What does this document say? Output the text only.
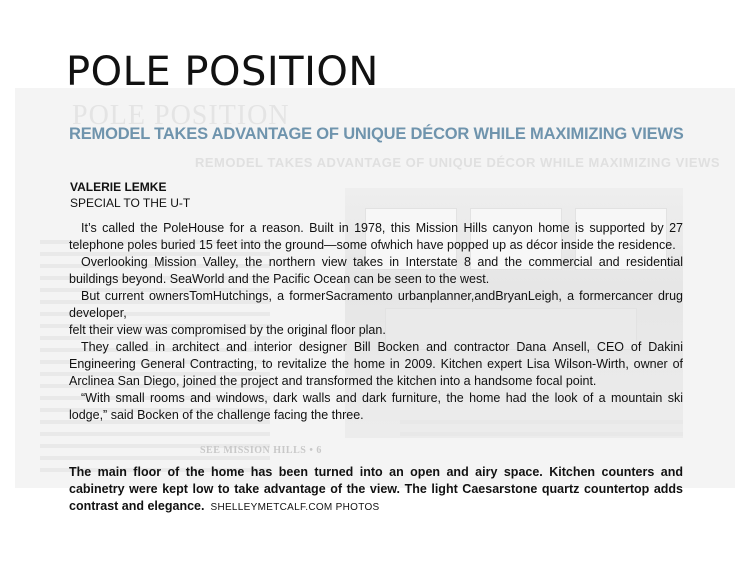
POLE POSITION
REMODEL TAKES ADVANTAGE OF UNIQUE DÉCOR WHILE MAXIMIZING VIEWS
SEE MISSION HILLS • 6
POLE POSITION
REMODEL TAKES ADVANTAGE OF UNIQUE DÉCOR WHILE MAXIMIZING VIEWS
VALERIE LEMKE
SPECIAL TO THE U-T

It’s called the PoleHouse for a reason. Built in 1978, this Mission Hills canyon home is supported by 27 telephone poles buried 15 feet into the ground—some ofwhich have popped up as décor inside the residence.

Overlooking Mission Valley, the northern view takes in Interstate 8 and the commercial and residential buildings beyond. SeaWorld and the Pacific Ocean can be seen to the west.

But current ownersTomHutchings, a formerSacramento urbanplanner,andBryanLeigh, a formercancer drug developer,

felt their view was compromised by the original floor plan.

They called in architect and interior designer Bill Bocken and contractor Dana Ansell, CEO of Dakini Engineering General Contracting, to revitalize the home in 2009. Kitchen expert Lisa Wilson-Wirth, owner of Arclinea San Diego, joined the project and transformed the kitchen into a handsome focal point.

“With small rooms and windows, dark walls and dark furniture, the home had the look of a mountain ski lodge,” said Bocken of the challenge facing the three.

The main floor of the home has been turned into an open and airy space. Kitchen counters and cabinetry were kept low to take advantage of the view. The light Caesarstone quartz countertop adds contrast and elegance. SHELLEYMETCALF.COM PHOTOS
